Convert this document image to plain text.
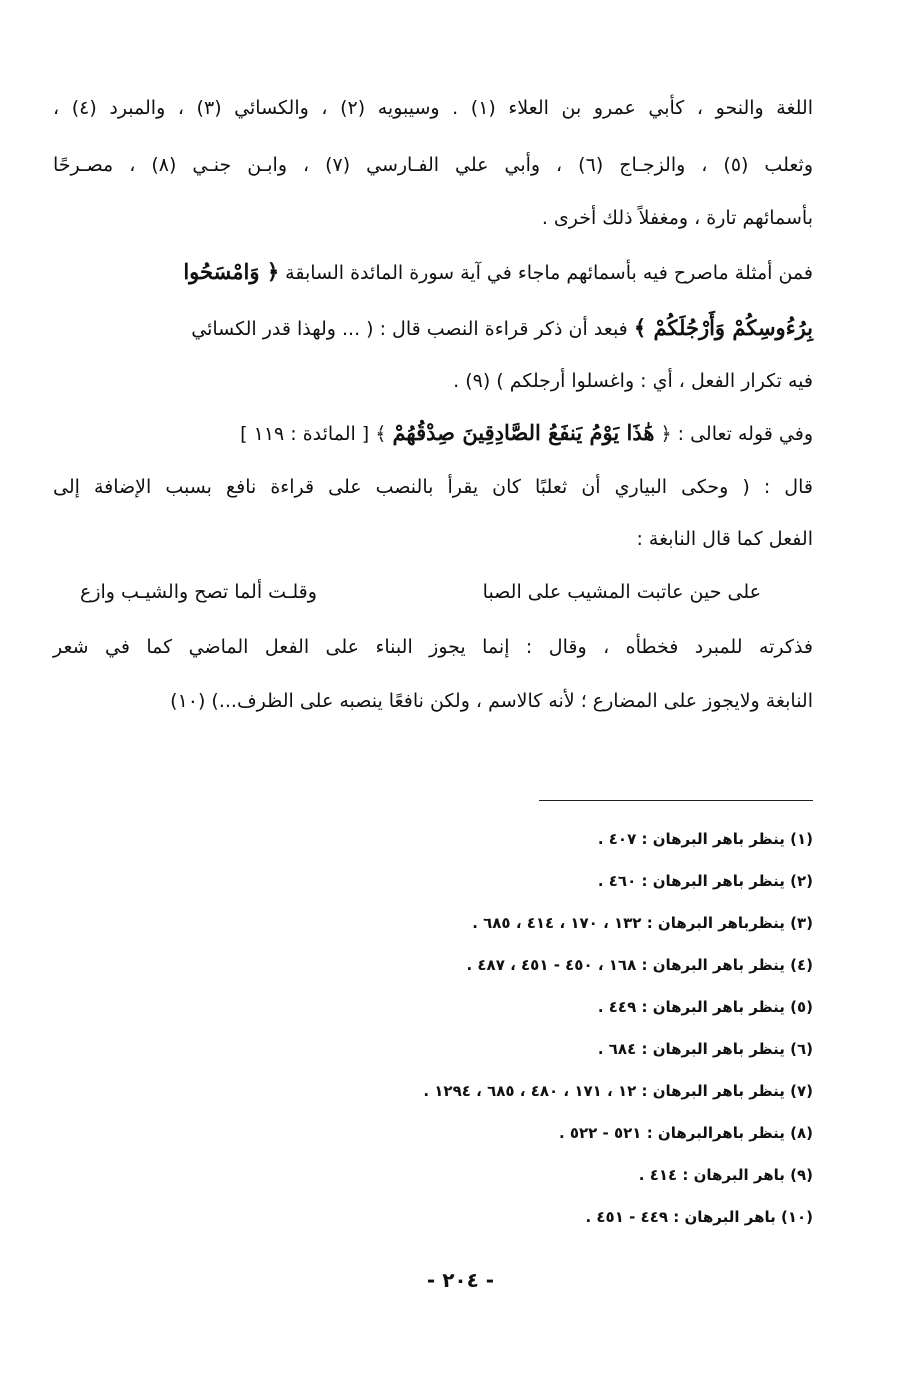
اللغة والنحو ، كأبي عمرو بن العلاء (١) . وسيبويه (٢) ، والكسائي (٣) ، والمبرد (٤) ،
وثعلب (٥) ، والزجـاج (٦) ، وأبي علي الفـارسي (٧) ، وابـن جنـي (٨) ، مصـرحًا
بأسمائهم تارة ، ومغفلاً ذلك أخرى .
فمن أمثلة ماصرح فيه بأسمائهم ماجاء في آية سورة المائدة السابقة ﴿ وَامْسَحُوا
بِرُءُوسِكُمْ وَأَرْجُلَكُمْ ﴾ فبعد أن ذكر قراءة النصب قال : ( ... ولهذا قدر الكسائي
فيه تكرار الفعل ، أي : واغسلوا أرجلكم ) (٩) .
وفي قوله تعالى : ﴿ هَٰذَا يَوْمُ يَنفَعُ الصَّادِقِينَ صِدْقُهُمْ ﴾ [ المائدة : ١١٩ ]
قال : ( وحكى البياري أن ثعلبًا كان يقرأ بالنصب على قراءة نافع بسبب الإضافة إلى
الفعل كما قال النابغة :
على حين عاتبت المشيب على الصبا
وقلـت ألما تصح والشيـب وازع
فذكرته للمبرد فخطأه ، وقال : إنما يجوز البناء على الفعل الماضي كما في شعر
النابغة ولايجوز على المضارع ؛ لأنه كالاسم ، ولكن نافعًا ينصبه على الظرف...) (١٠)
(١) ينظر باهر البرهان : ٤٠٧ .
(٢) ينظر باهر البرهان : ٤٦٠ .
(٣) ينظرباهر البرهان : ١٣٢ ، ١٧٠ ، ٤١٤ ، ٦٨٥ .
(٤) ينظر باهر البرهان : ١٦٨ ، ٤٥٠ - ٤٥١ ، ٤٨٧ .
(٥) ينظر باهر البرهان : ٤٤٩ .
(٦) ينظر باهر البرهان : ٦٨٤ .
(٧) ينظر باهر البرهان : ١٢ ، ١٧١ ، ٤٨٠ ، ٦٨٥ ، ١٢٩٤ .
(٨) ينظر باهرالبرهان : ٥٢١ - ٥٢٢ .
(٩) باهر البرهان : ٤١٤ .
(١٠) باهر البرهان : ٤٤٩ - ٤٥١ .
- ٢٠٤ -
